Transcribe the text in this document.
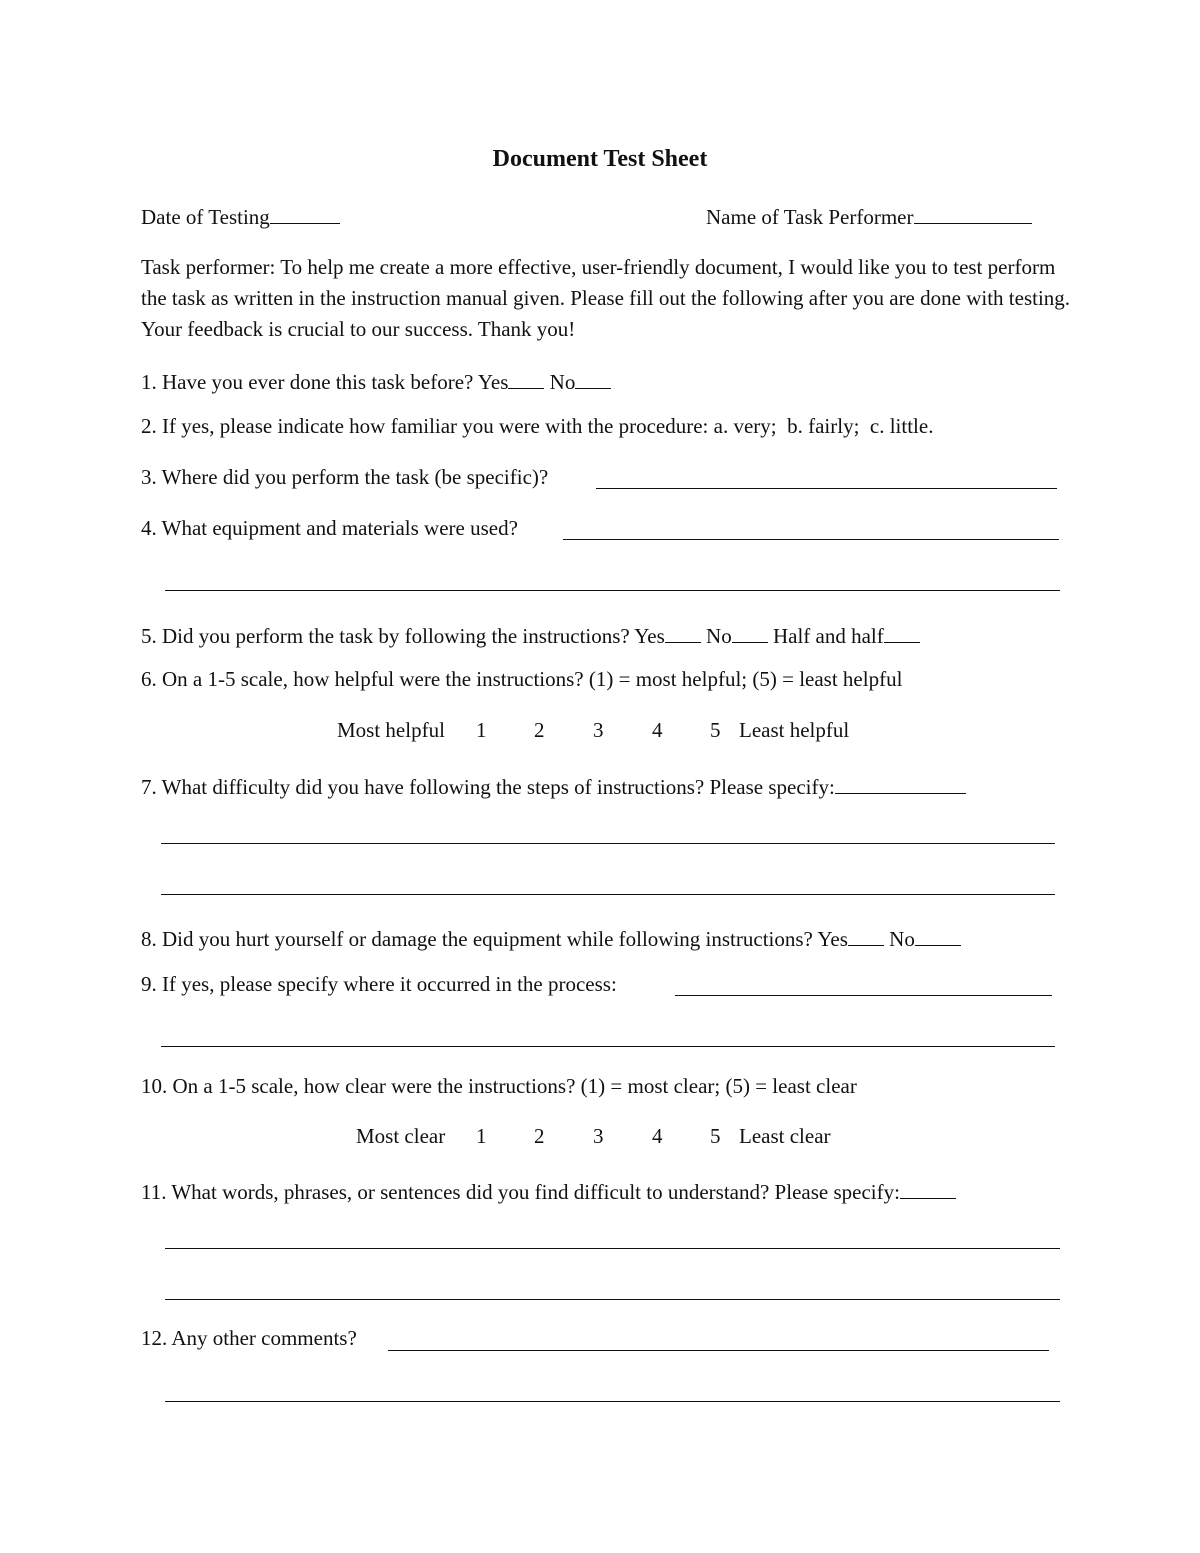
Document Test Sheet

Date of Testing	Name of Task Performer

Task performer: To help me create a more effective, user-friendly document, I would like you to test perform the task as written in the instruction manual given. Please fill out the following after you are done with testing. Your feedback is crucial to our success. Thank you!

1. Have you ever done this task before? Yes No

2. If yes, please indicate how familiar you were with the procedure: a. very;  b. fairly;  c. little.

3. Where did you perform the task (be specific)?

4. What equipment and materials were used?

5. Did you perform the task by following the instructions? Yes No Half and half

6. On a 1-5 scale, how helpful were the instructions? (1) = most helpful; (5) = least helpful

Most helpful 1 2 3 4 5 Least helpful

7. What difficulty did you have following the steps of instructions? Please specify:

8. Did you hurt yourself or damage the equipment while following instructions? Yes No

9. If yes, please specify where it occurred in the process:

10. On a 1-5 scale, how clear were the instructions? (1) = most clear; (5) = least clear

Most clear 1 2 3 4 5 Least clear

11. What words, phrases, or sentences did you find difficult to understand? Please specify:

12. Any other comments?
